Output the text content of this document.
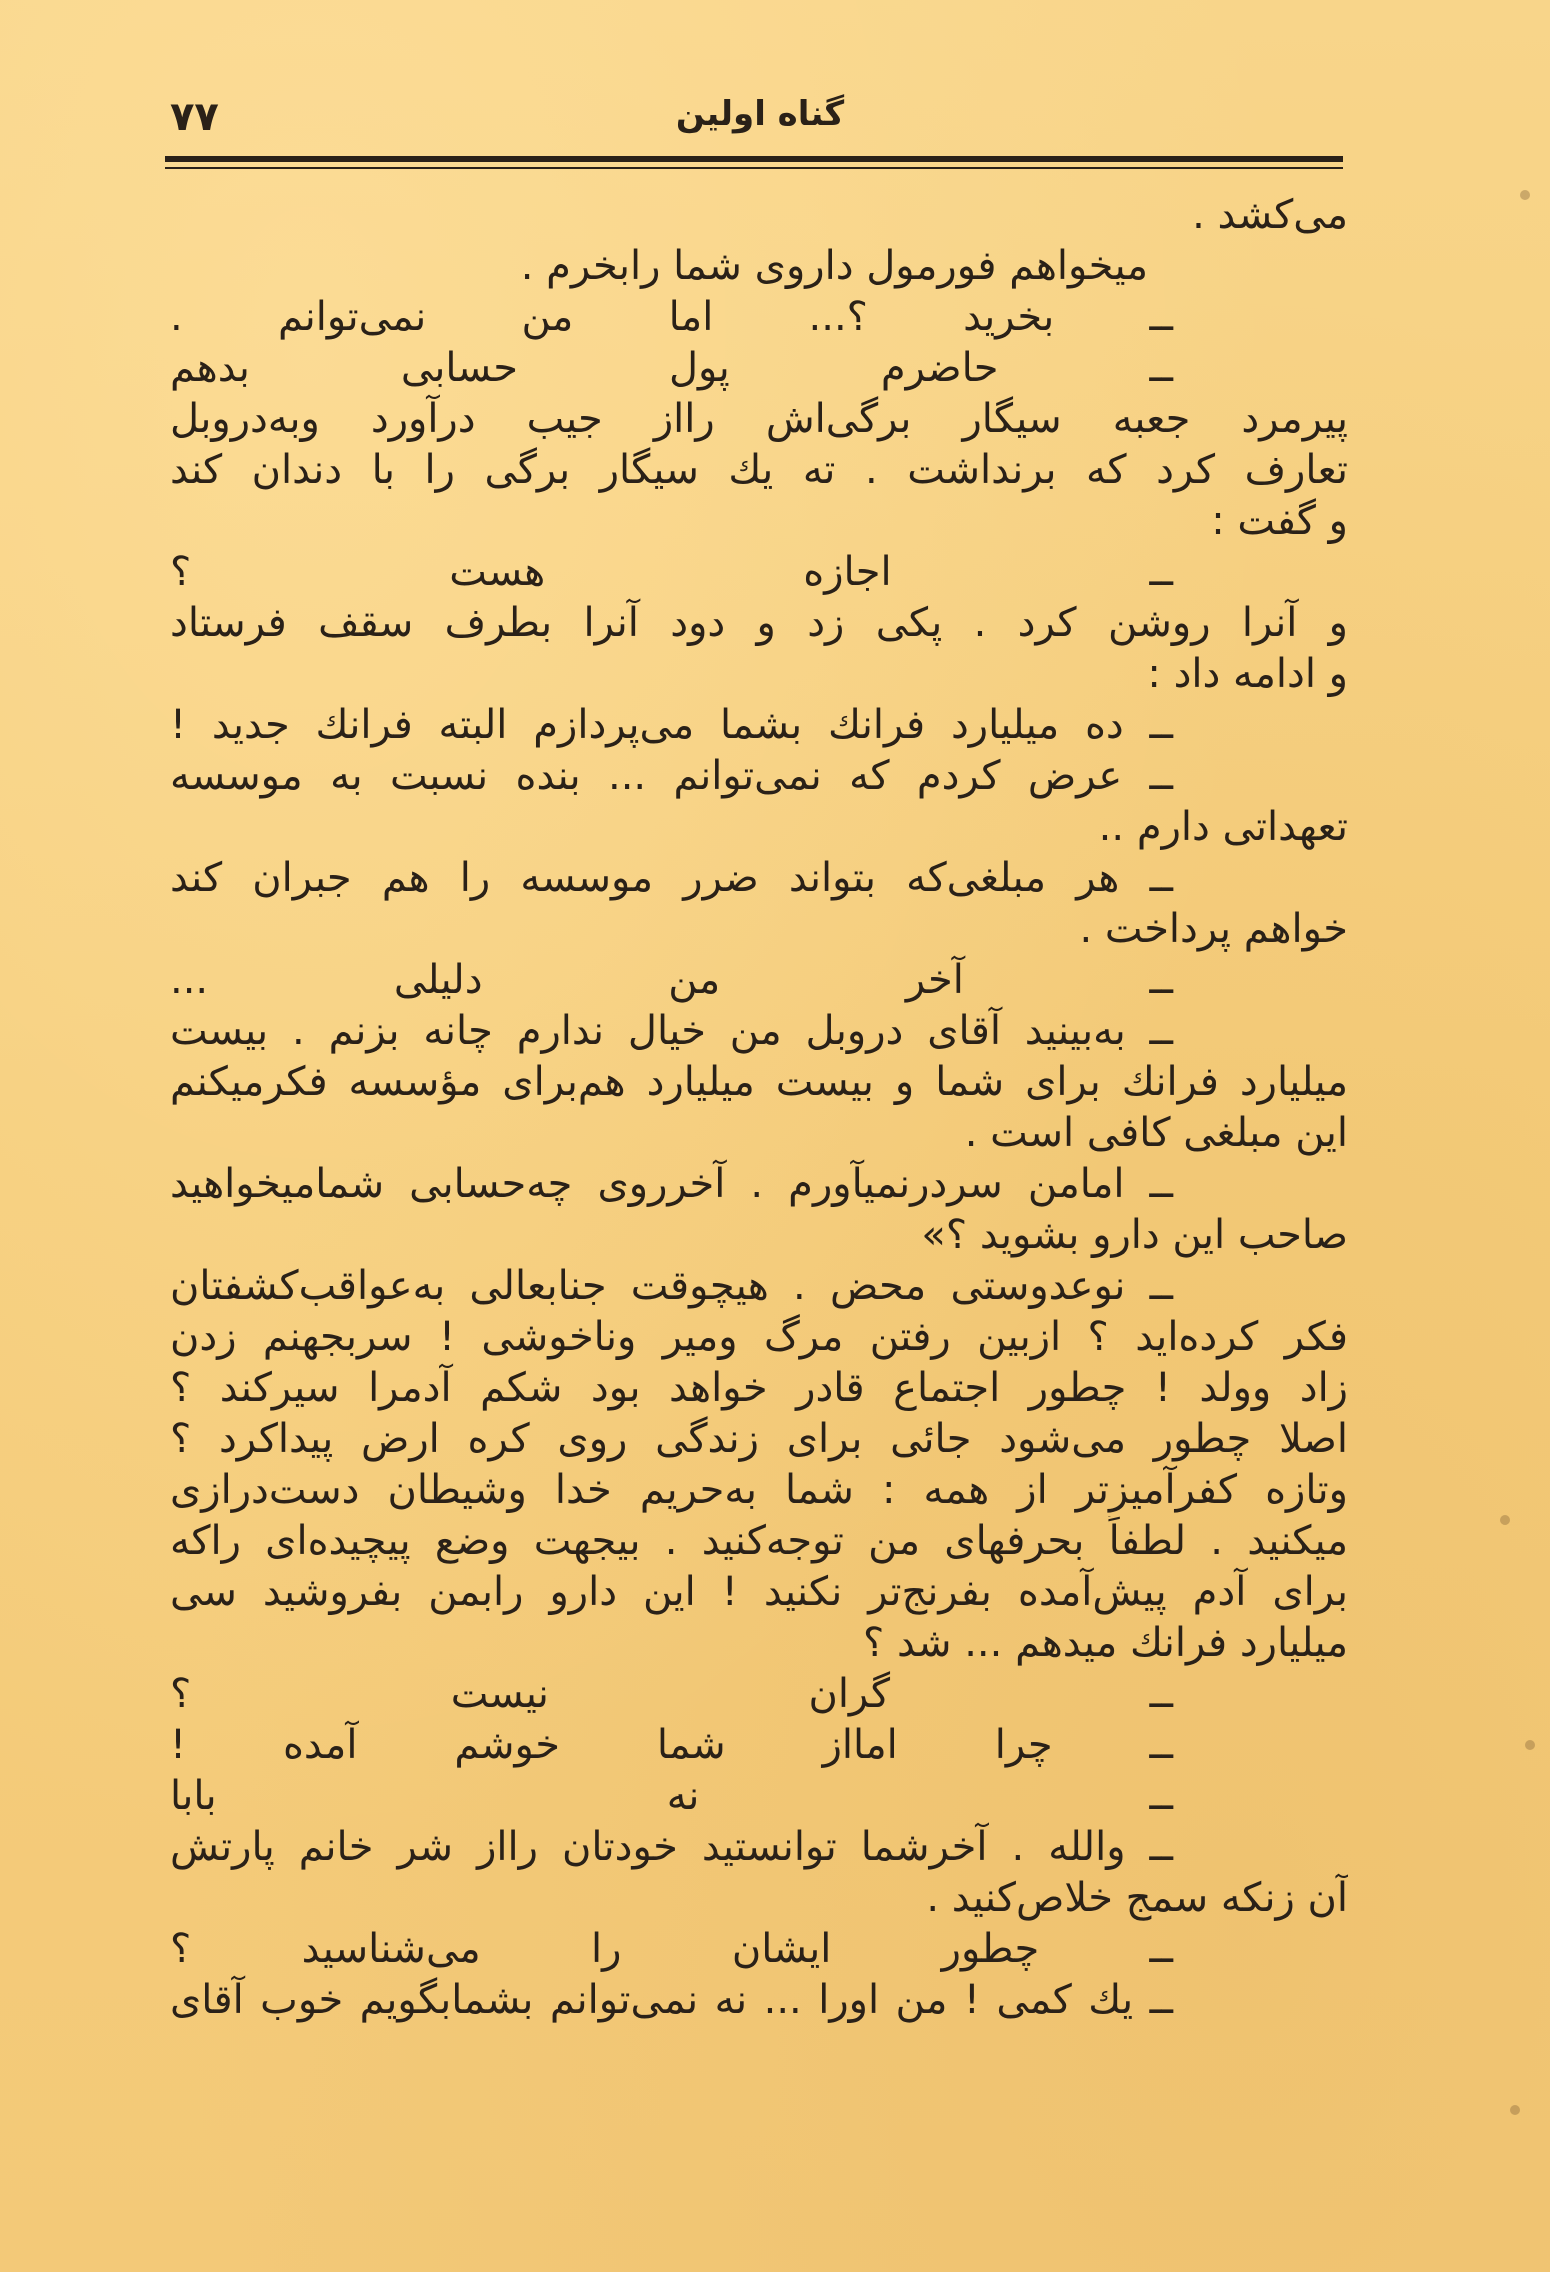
۷۷	گناه اولین
می‌کشد .
میخواهم فورمول داروی شما رابخرم .
ــ بخرید ؟... اما من نمی‌توانم .
ــ حاضرم پول حسابی بدهم
پیرمرد جعبه سیگار برگی‌اش رااز جیب درآورد وبه‌دروبل
تعارف کرد که برنداشت . ته یك سیگار برگی را با دندان کند
و گفت :
ــ اجازه هست ؟
و آنرا روشن کرد . پکی زد و دود آنرا بطرف سقف فرستاد
و ادامه داد :
ــ ده میلیارد فرانك بشما می‌پردازم البته فرانك جدید !
ــ عرض کردم که نمی‌توانم ... بنده نسبت به موسسه
تعهداتی دارم ..
ــ هر مبلغی‌که بتواند ضرر موسسه را هم جبران کند
خواهم پرداخت .
ــ آخر من دلیلی ...
ــ به‌بینید آقای دروبل من خیال ندارم چانه بزنم . بیست
میلیارد فرانك برای شما و بیست میلیارد هم‌برای مؤسسه فکرمیکنم
این مبلغی کافی است .
ــ امامن سردرنمیآورم . آخرروی چه‌حسابی شمامیخواهید
صاحب این دارو بشوید ؟»
ــ نوعدوستی محض . هیچوقت جنابعالی به‌عواقب‌کشفتان
فکر کرده‌اید ؟ ازبین رفتن مرگ ومیر وناخوشی ! سربجهنم زدن
زاد وولد ! چطور اجتماع قادر خواهد بود شکم آدمرا سیرکند ؟
اصلا چطور می‌شود جائی برای زندگی روی کره ارض پیداکرد ؟
وتازه کفرآمیزتر از همه : شما به‌حریم خدا وشیطان دست‌درازی
میکنید . لطفاً بحرفهای من توجه‌کنید . بیجهت وضع پیچیده‌ای راکه
برای آدم پیش‌آمده بفرنج‌تر نکنید ! این دارو رابمن بفروشید سی
میلیارد فرانك میدهم ... شد ؟
ــ گران نیست ؟
ــ چرا امااز شما خوشم آمده !
ــ نه بابا
ــ والله . آخرشما توانستید خودتان رااز شر خانم پارتش
آن زنکه سمج خلاص‌کنید .
ــ چطور ایشان را می‌شناسید ؟
ــ یك کمی ! من اورا ... نه نمی‌توانم بشمابگویم خوب آقای
